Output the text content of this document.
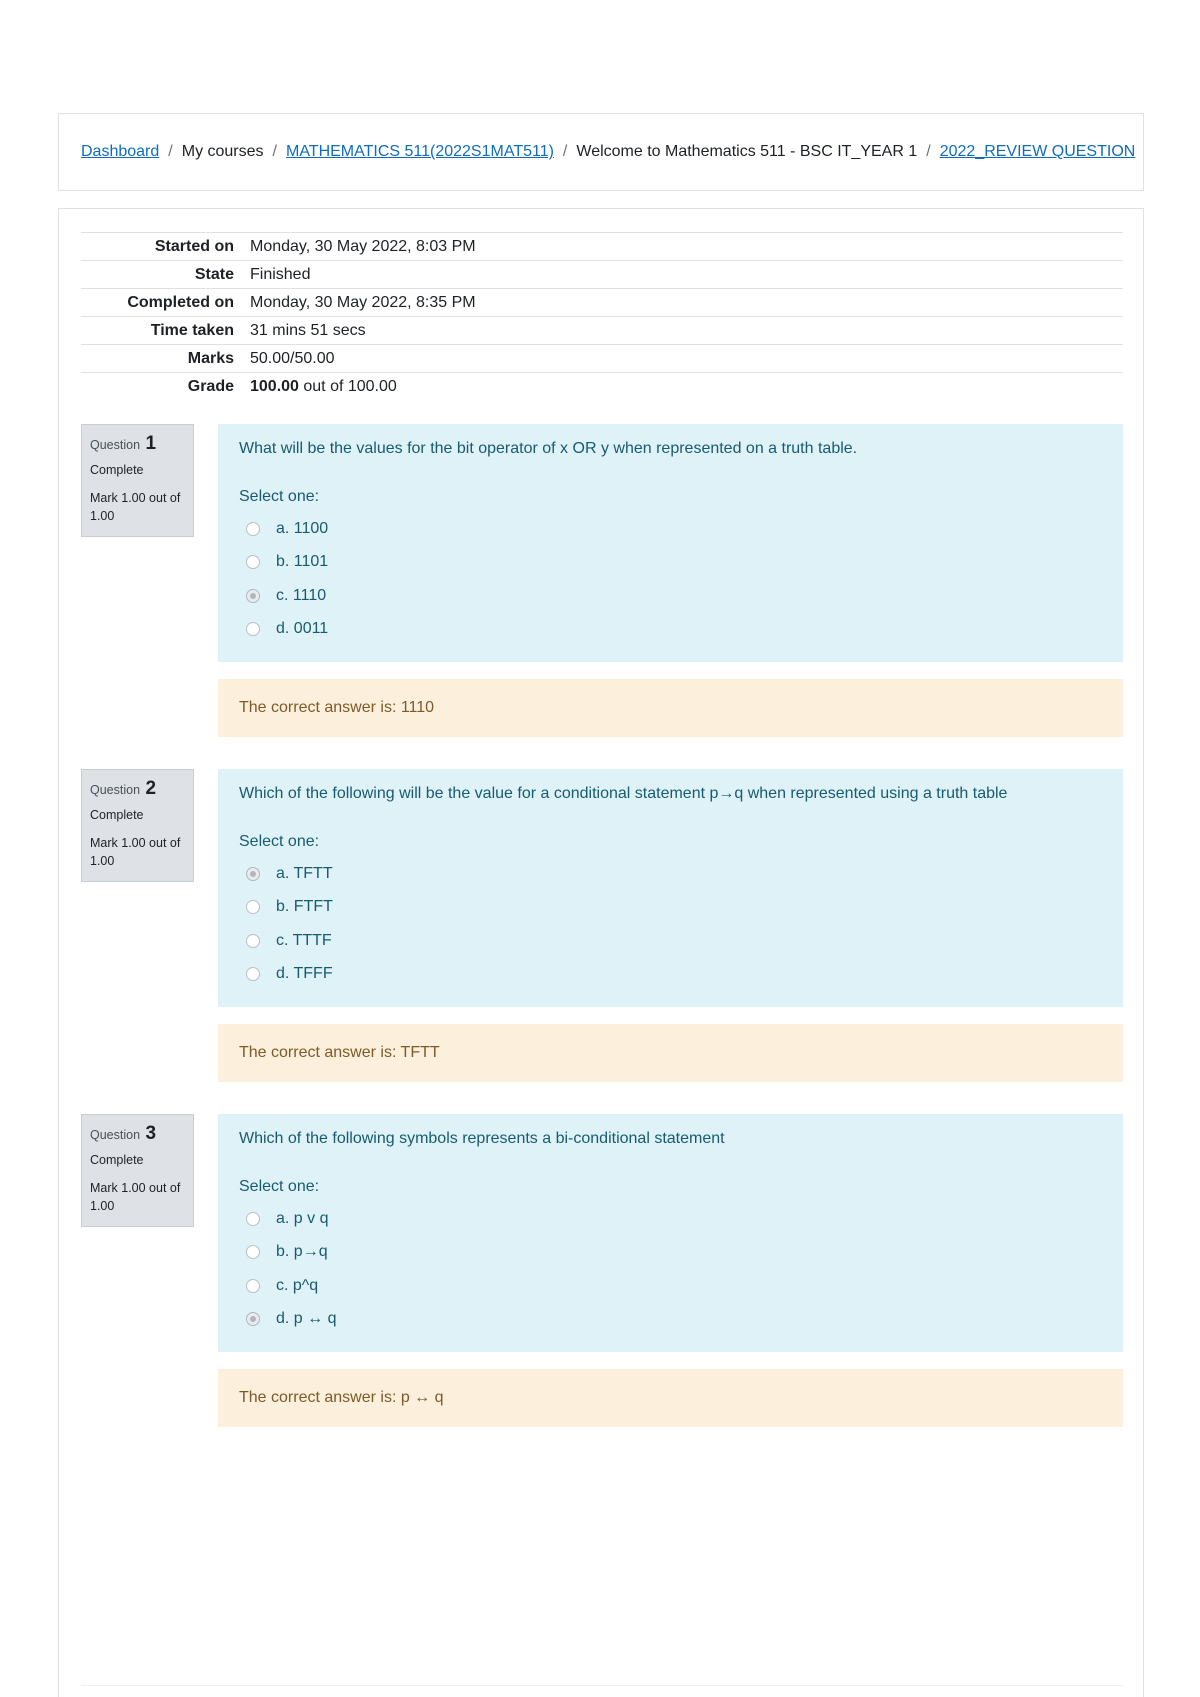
Dashboard / My courses / MATHEMATICS 511(2022S1MAT511) / Welcome to Mathematics 511 - BSC IT_YEAR 1 / 2022_REVIEW QUESTION
Started on	Monday, 30 May 2022, 8:03 PM
State	Finished
Completed on	Monday, 30 May 2022, 8:35 PM
Time taken	31 mins 51 secs
Marks	50.00/50.00
Grade	100.00 out of 100.00
Question 1
Complete
Mark 1.00 out of 1.00
What will be the values for the bit operator of x OR y when represented on a truth table.
Select one:
a. 1100
b. 1101
c. 1110
d. 0011
The correct answer is: 1110
Question 2
Complete
Mark 1.00 out of 1.00
Which of the following will be the value for a conditional statement p→q when represented using a truth table
Select one:
a. TFTT
b. FTFT
c. TTTF
d. TFFF
The correct answer is: TFTT
Question 3
Complete
Mark 1.00 out of 1.00
Which of the following symbols represents a bi-conditional statement
Select one:
a. p v q
b. p→q
c. p^q
d. p ↔ q
The correct answer is: p ↔ q
